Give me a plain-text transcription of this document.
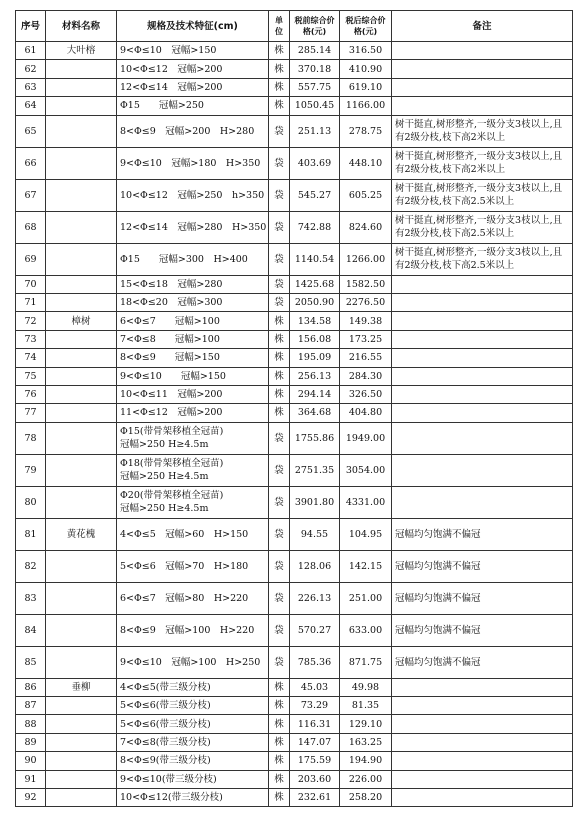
序号	材料名称	规格及技术特征(cm)	单位	税前综合价格(元)	税后综合价格(元)	备注
61	大叶榕	9<Φ≤10　冠幅>150	株	285.14	316.50	
62		10<Φ≤12　冠幅>200	株	370.18	410.90	
63		12<Φ≤14　冠幅>200	株	557.75	619.10	
64		Φ15　　冠幅>250	株	1050.45	1166.00	
65		8<Φ≤9　冠幅>200　H>280	袋	251.13	278.75	树干挺直,树形整齐,一级分支3枝以上,且有2级分枝,枝下高2米以上
66		9<Φ≤10　冠幅>180　H>350	袋	403.69	448.10	树干挺直,树形整齐,一级分支3枝以上,且有2级分枝,枝下高2米以上
67		10<Φ≤12　冠幅>250　h>350	袋	545.27	605.25	树干挺直,树形整齐,一级分支3枝以上,且有2级分枝,枝下高2.5米以上
68		12<Φ≤14　冠幅>280　H>350	袋	742.88	824.60	树干挺直,树形整齐,一级分支3枝以上,且有2级分枝,枝下高2.5米以上
69		Φ15　　冠幅>300　H>400	袋	1140.54	1266.00	树干挺直,树形整齐,一级分支3枝以上,且有2级分枝,枝下高2.5米以上
70		15<Φ≤18　冠幅>280	袋	1425.68	1582.50	
71		18<Φ≤20　冠幅>300	袋	2050.90	2276.50	
72	樟树	6<Φ≤7　　冠幅>100	株	134.58	149.38	
73		7<Φ≤8　　冠幅>100	株	156.08	173.25	
74		8<Φ≤9　　冠幅>150	株	195.09	216.55	
75		9<Φ≤10　　冠幅>150	株	256.13	284.30	
76		10<Φ≤11　冠幅>200	株	294.14	326.50	
77		11<Φ≤12　冠幅>200	株	364.68	404.80	
78		Φ15(带骨架移植全冠苗)
冠幅>250 H≥4.5m	袋	1755.86	1949.00	
79		Φ18(带骨架移植全冠苗)
冠幅>250 H≥4.5m	袋	2751.35	3054.00	
80		Φ20(带骨架移植全冠苗)
冠幅>250 H≥4.5m	袋	3901.80	4331.00	
81	黄花槐	4<Φ≤5　冠幅>60　H>150	袋	94.55	104.95	冠幅均匀饱满不偏冠
82		5<Φ≤6　冠幅>70　H>180	袋	128.06	142.15	冠幅均匀饱满不偏冠
83		6<Φ≤7　冠幅>80　H>220	袋	226.13	251.00	冠幅均匀饱满不偏冠
84		8<Φ≤9　冠幅>100　H>220	袋	570.27	633.00	冠幅均匀饱满不偏冠
85		9<Φ≤10　冠幅>100　H>250	袋	785.36	871.75	冠幅均匀饱满不偏冠
86	垂柳	4<Φ≤5(带三级分枝)	株	45.03	49.98	
87		5<Φ≤6(带三级分枝)	株	73.29	81.35	
88		5<Φ≤6(带三级分枝)	株	116.31	129.10	
89		7<Φ≤8(带三级分枝)	株	147.07	163.25	
90		8<Φ≤9(带三级分枝)	株	175.59	194.90	
91		9<Φ≤10(带三级分枝)	株	203.60	226.00	
92		10<Φ≤12(带三级分枝)	株	232.61	258.20	
